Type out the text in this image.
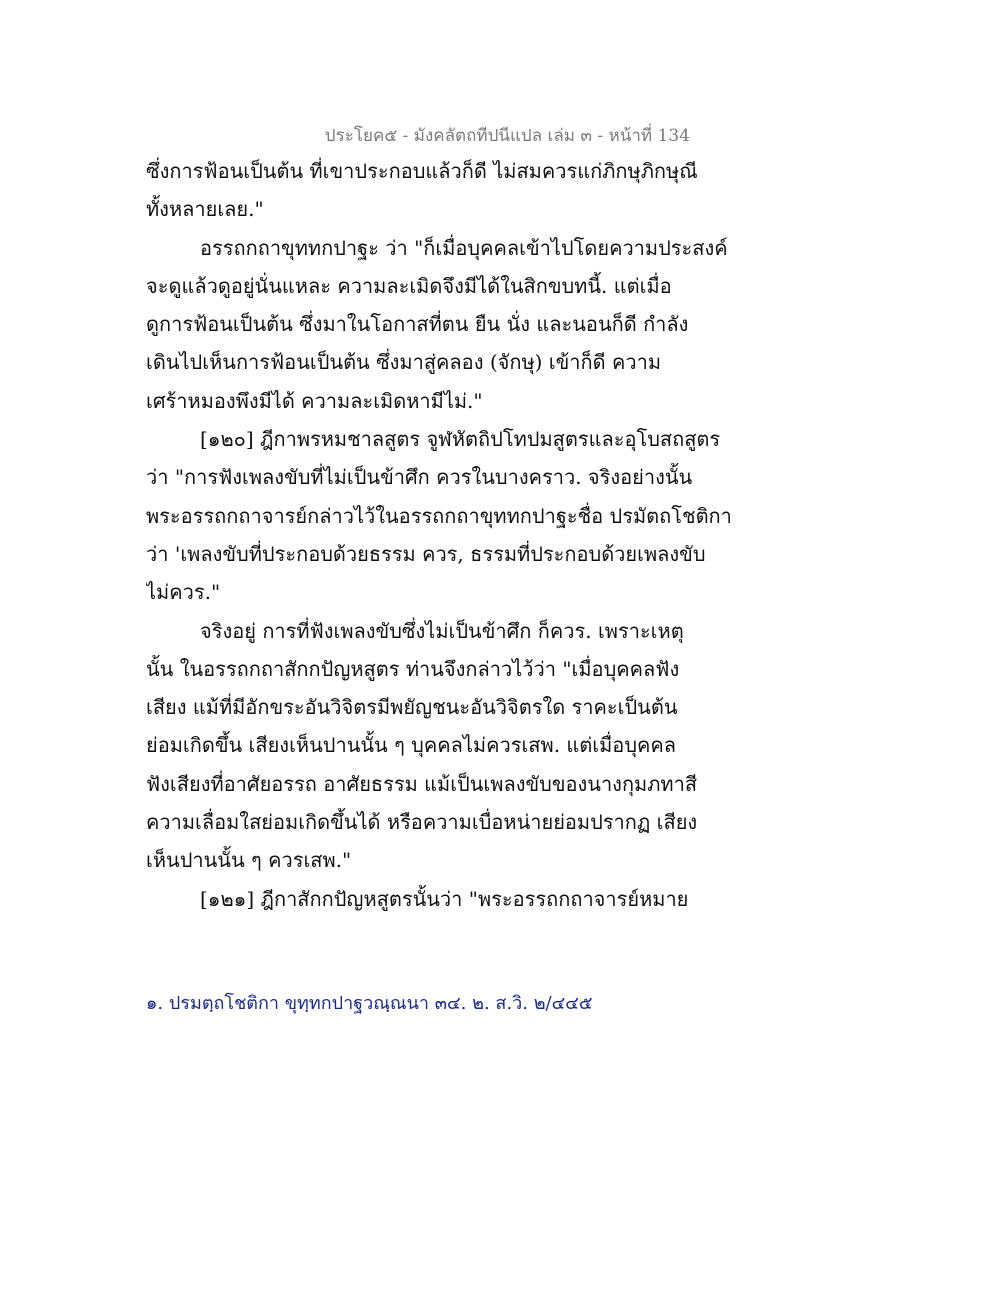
ประโยค๕ - มังคลัตถทีปนีแปล เล่ม ๓ - หน้าที่ 134
ซึ่งการฟ้อนเป็นต้น ที่เขาประกอบแล้วก็ดี ไม่สมควรแก่ภิกษุภิกษุณี
ทั้งหลายเลย."
อรรถกถาขุททกปาฐะ ว่า "ก็เมื่อบุคคลเข้าไปโดยความประสงค์
จะดูแล้วดูอยู่นั่นแหละ ความละเมิดจึงมีได้ในสิกขบทนี้. แต่เมื่อ
ดูการฟ้อนเป็นต้น ซึ่งมาในโอกาสที่ตน ยืน นั่ง และนอนก็ดี กำลัง
เดินไปเห็นการฟ้อนเป็นต้น ซึ่งมาสู่คลอง (จักษุ) เข้าก็ดี ความ
เศร้าหมองพึงมีได้ ความละเมิดหามีไม่."
[๑๒๐] ฎีกาพรหมชาลสูตร จูฬหัตถิปโทปมสูตรและอุโบสถสูตร
ว่า "การฟังเพลงขับที่ไม่เป็นข้าศึก ควรในบางคราว. จริงอย่างนั้น
พระอรรถกถาจารย์กล่าวไว้ในอรรถกถาขุททกปาฐะชื่อ ปรมัตถโชติกา
ว่า 'เพลงขับที่ประกอบด้วยธรรม ควร, ธรรมที่ประกอบด้วยเพลงขับ
ไม่ควร."
จริงอยู่ การที่ฟังเพลงขับซึ่งไม่เป็นข้าศึก ก็ควร. เพราะเหตุ
นั้น ในอรรถกถาสักกปัญหสูตร ท่านจึงกล่าวไว้ว่า "เมื่อบุคคลฟัง
เสียง แม้ที่มีอักขระอันวิจิตรมีพยัญชนะอันวิจิตรใด ราคะเป็นต้น
ย่อมเกิดขึ้น เสียงเห็นปานนั้น ๆ บุคคลไม่ควรเสพ. แต่เมื่อบุคคล
ฟังเสียงที่อาศัยอรรถ อาศัยธรรม แม้เป็นเพลงขับของนางกุมภทาสี
ความเลื่อมใสย่อมเกิดขึ้นได้ หรือความเบื่อหน่ายย่อมปรากฏ เสียง
เห็นปานนั้น ๆ ควรเสพ."
[๑๒๑] ฎีกาสักกปัญหสูตรนั้นว่า "พระอรรถกถาจารย์หมาย
๑. ปรมตฺถโชติกา ขุทฺทกปาฐวณฺณนา ๓๔. ๒. ส.วิ. ๒/๔๔๕
